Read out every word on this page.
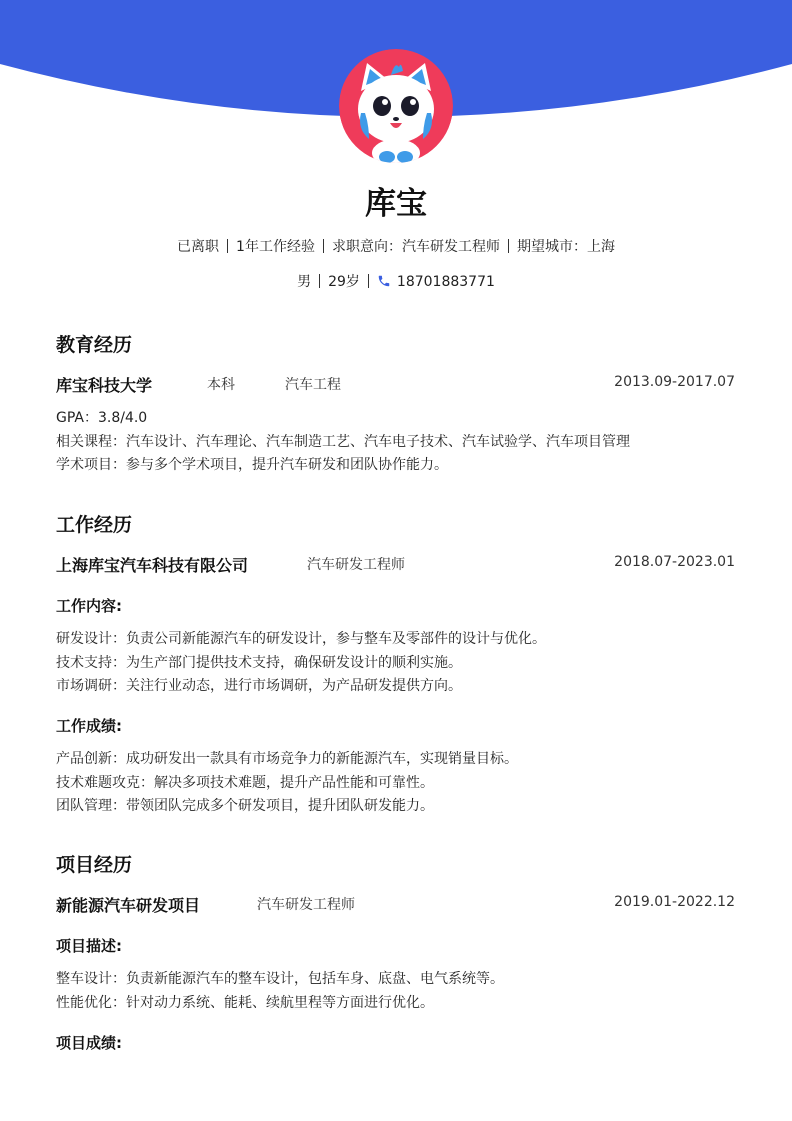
库宝
已离职 1年工作经验 求职意向：汽车研发工程师 期望城市：上海
男 29岁	18701883771
教育经历
库宝科技大学	本科	汽车工程	2013.09-2017.07
GPA：3.8/4.0
相关课程：汽车设计、汽车理论、汽车制造工艺、汽车电子技术、汽车试验学、汽车项目管理
学术项目：参与多个学术项目，提升汽车研发和团队协作能力。
工作经历
上海库宝汽车科技有限公司	汽车研发工程师	2018.07-2023.01
工作内容:
研发设计：负责公司新能源汽车的研发设计，参与整车及零部件的设计与优化。
技术支持：为生产部门提供技术支持，确保研发设计的顺利实施。
市场调研：关注行业动态，进行市场调研，为产品研发提供方向。
工作成绩:
产品创新：成功研发出一款具有市场竞争力的新能源汽车，实现销量目标。
技术难题攻克：解决多项技术难题，提升产品性能和可靠性。
团队管理：带领团队完成多个研发项目，提升团队研发能力。
项目经历
新能源汽车研发项目	汽车研发工程师	2019.01-2022.12
项目描述:
整车设计：负责新能源汽车的整车设计，包括车身、底盘、电气系统等。
性能优化：针对动力系统、能耗、续航里程等方面进行优化。
项目成绩:
